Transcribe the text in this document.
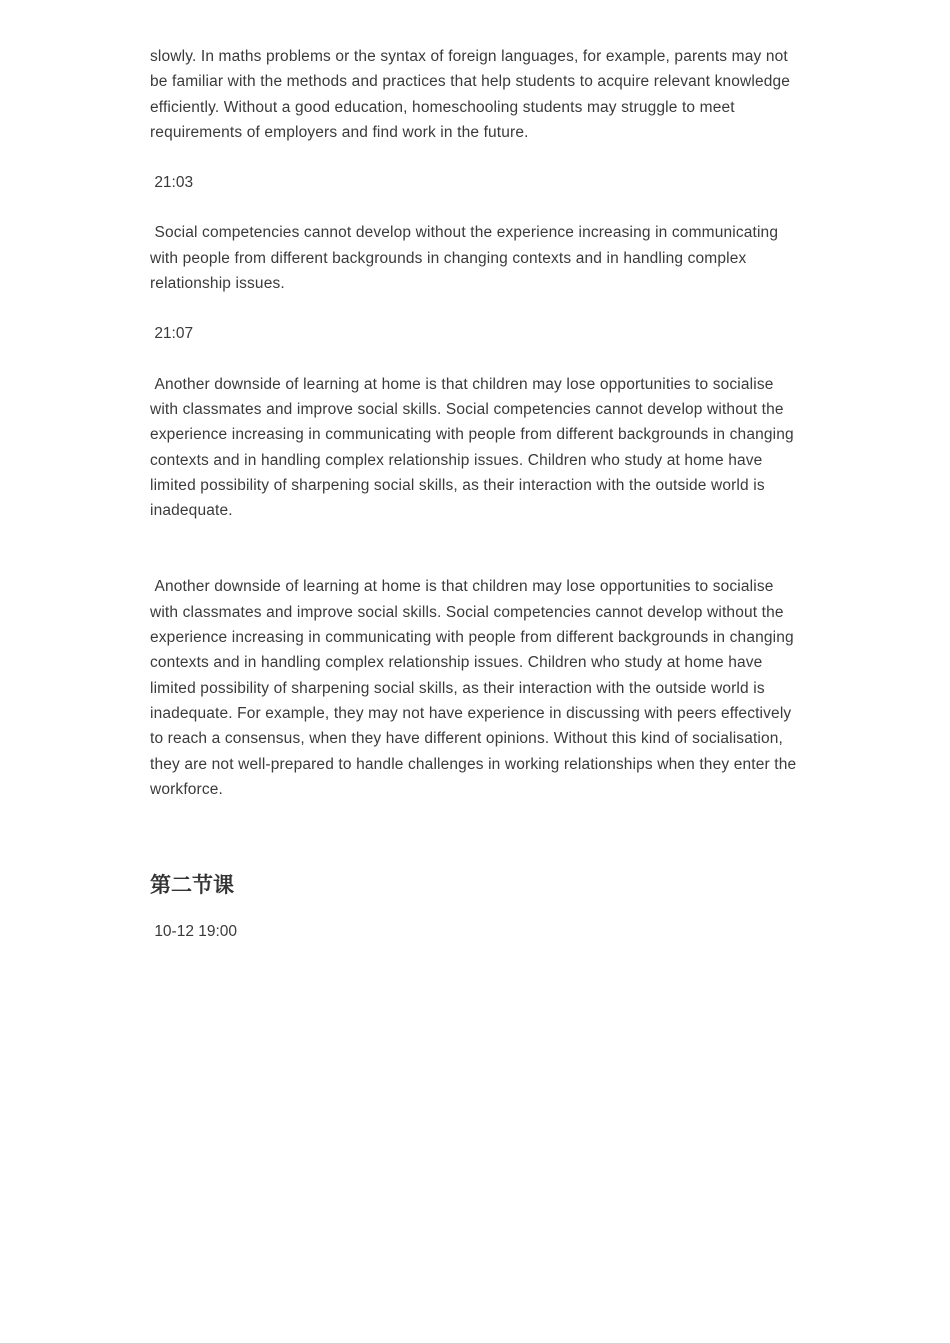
slowly. In maths problems or the syntax of foreign languages, for example, parents may not be familiar with the methods and practices that help students to acquire relevant knowledge efficiently. Without a good education, homeschooling students may struggle to meet requirements of employers and find work in the future.

21:03

Social competencies cannot develop without the experience increasing in communicating with people from different backgrounds in changing contexts and in handling complex relationship issues.

21:07

Another downside of learning at home is that children may lose opportunities to socialise with classmates and improve social skills. Social competencies cannot develop without the experience increasing in communicating with people from different backgrounds in changing contexts and in handling complex relationship issues. Children who study at home have limited possibility of sharpening social skills, as their interaction with the outside world is inadequate.

Another downside of learning at home is that children may lose opportunities to socialise with classmates and improve social skills. Social competencies cannot develop without the experience increasing in communicating with people from different backgrounds in changing contexts and in handling complex relationship issues. Children who study at home have limited possibility of sharpening social skills, as their interaction with the outside world is inadequate. For example, they may not have experience in discussing with peers effectively to reach a consensus, when they have different opinions. Without this kind of socialisation, they are not well-prepared to handle challenges in working relationships when they enter the workforce.

第二节课

10-12 19:00
